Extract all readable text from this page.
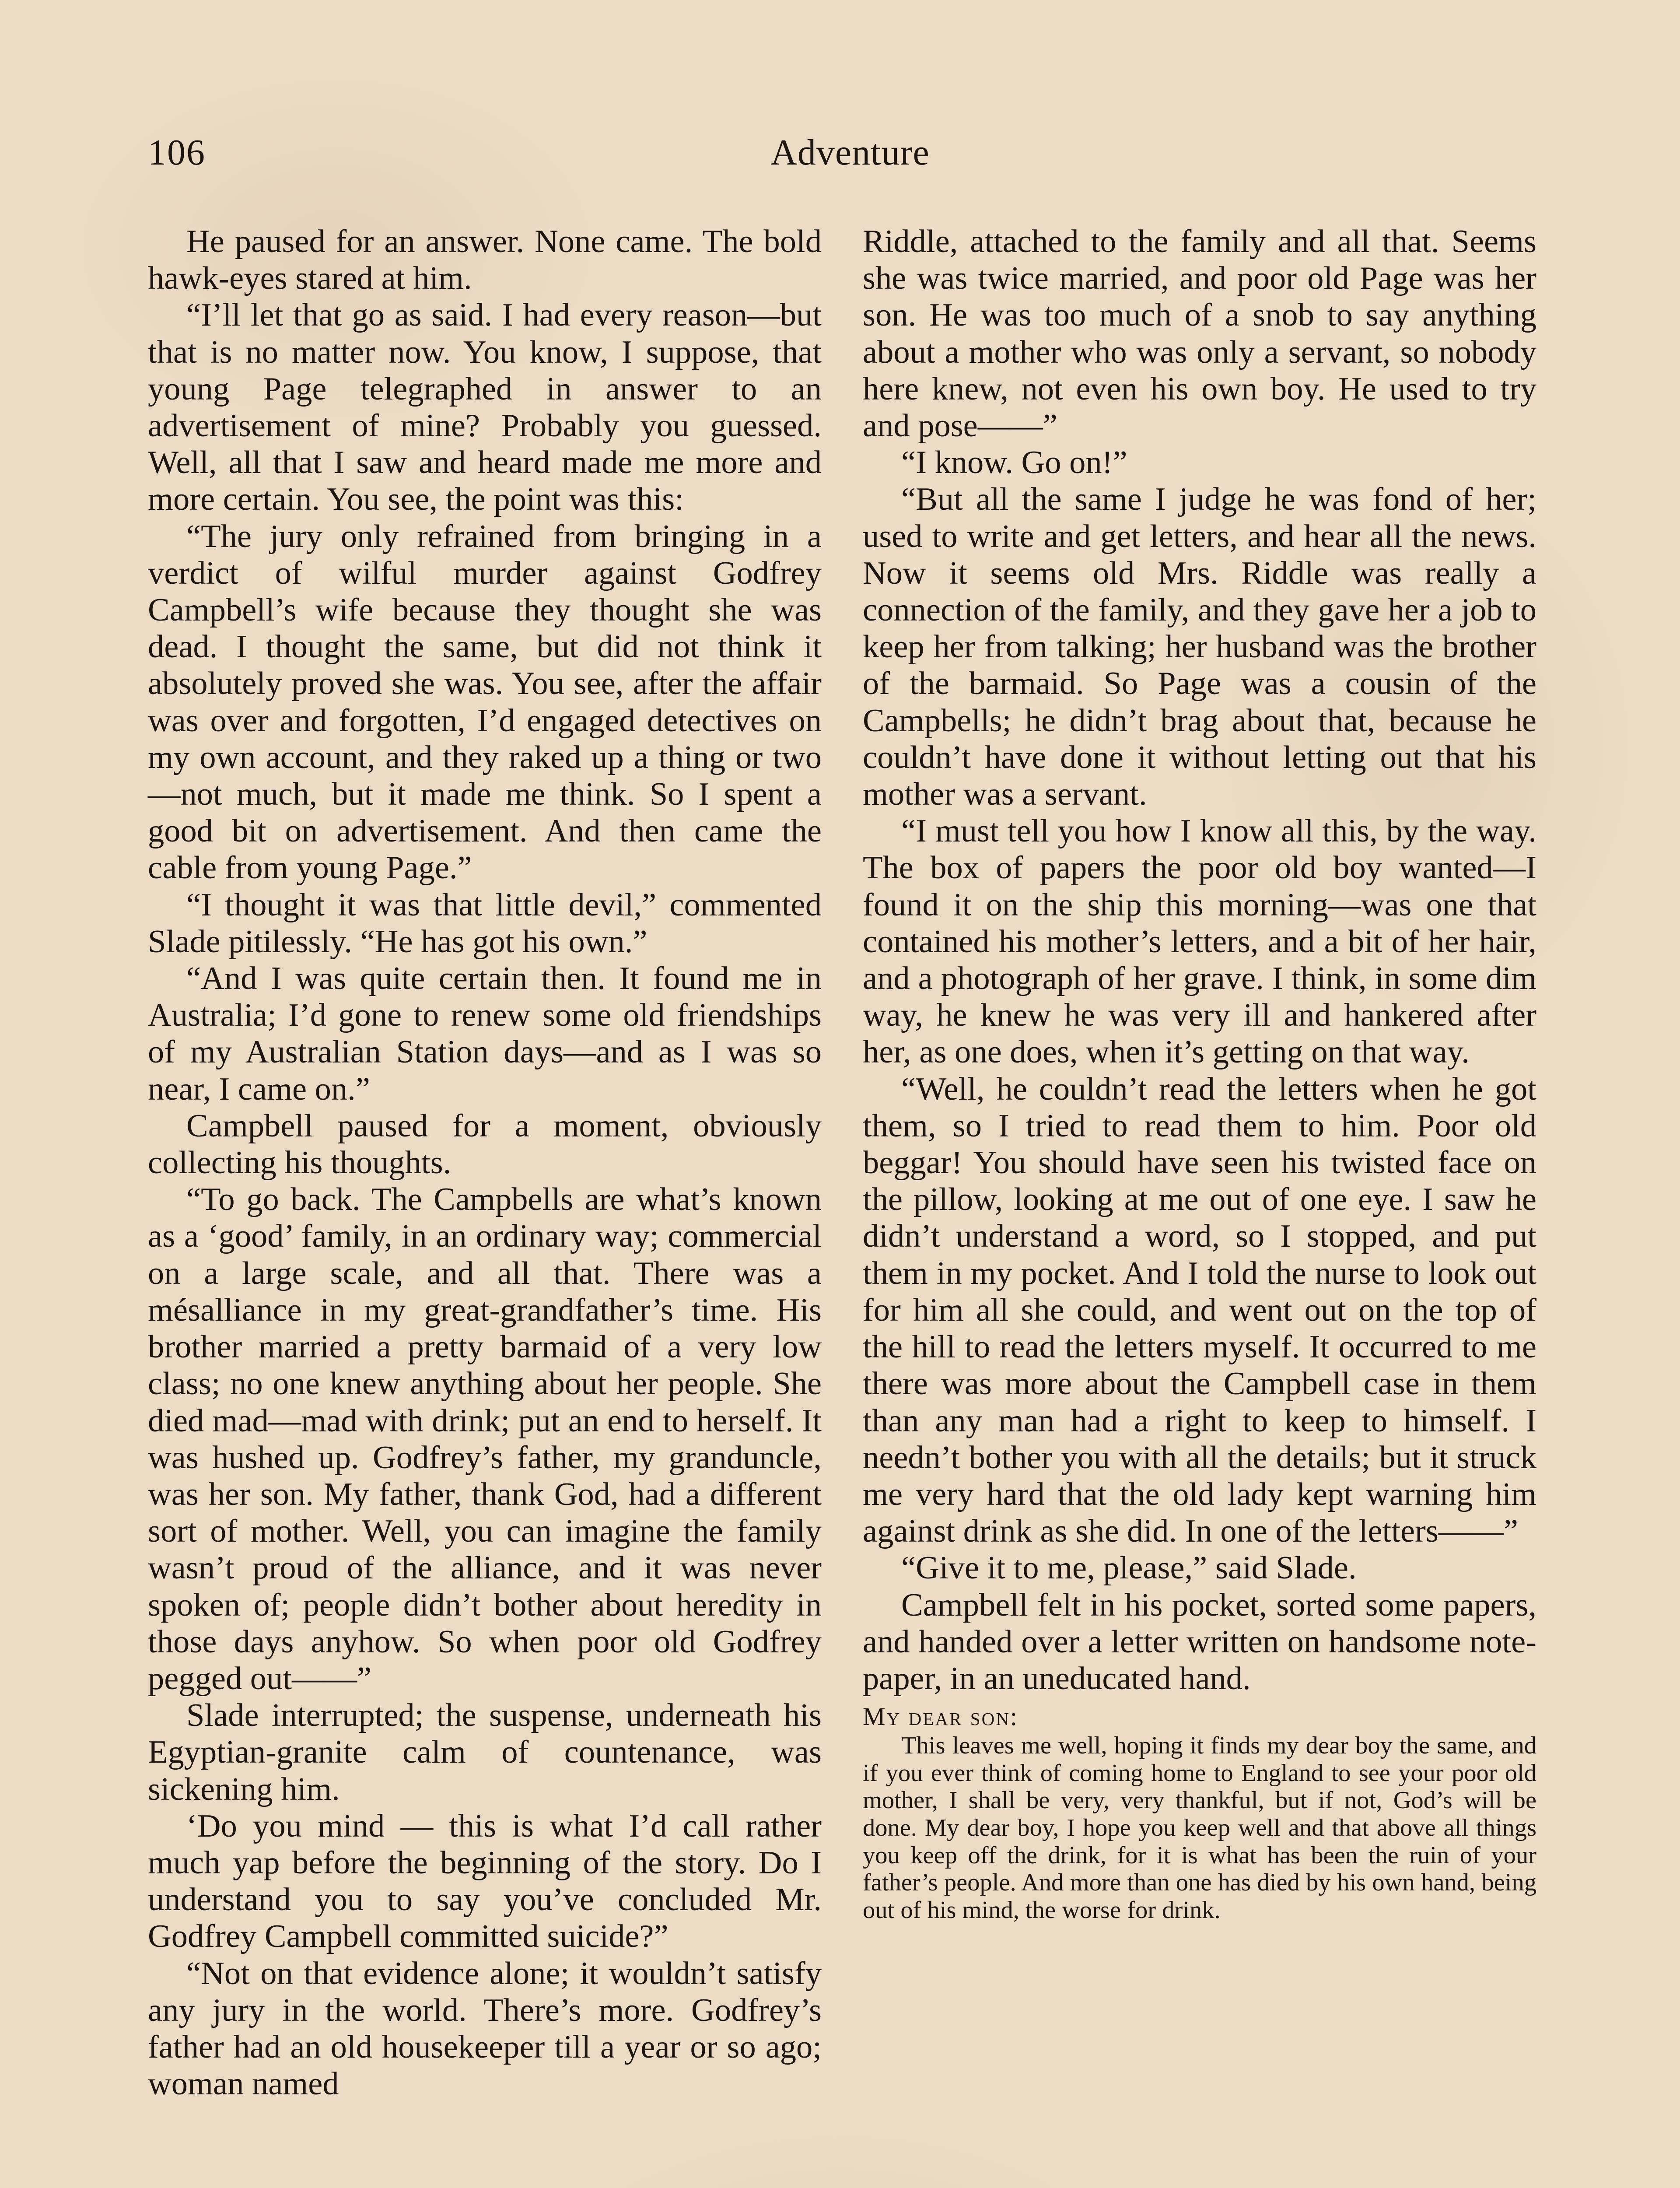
106	Adventure

He paused for an answer. None came. The bold hawk-eyes stared at him.

“I’ll let that go as said. I had every reason—but that is no matter now. You know, I suppose, that young Page telegraphed in answer to an advertisement of mine? Probably you guessed. Well, all that I saw and heard made me more and more certain. You see, the point was this:

“The jury only refrained from bringing in a verdict of wilful murder against Godfrey Campbell’s wife because they thought she was dead. I thought the same, but did not think it absolutely proved she was. You see, after the affair was over and forgotten, I’d engaged detectives on my own account, and they raked up a thing or two—not much, but it made me think. So I spent a good bit on advertisement. And then came the cable from young Page.”

“I thought it was that little devil,” commented Slade pitilessly. “He has got his own.”

“And I was quite certain then. It found me in Australia; I’d gone to renew some old friendships of my Australian Station days—and as I was so near, I came on.”

Campbell paused for a moment, obviously collecting his thoughts.

“To go back. The Campbells are what’s known as a ‘good’ family, in an ordinary way; commercial on a large scale, and all that. There was a mésalliance in my great-grandfather’s time. His brother married a pretty barmaid of a very low class; no one knew anything about her people. She died mad—mad with drink; put an end to herself. It was hushed up. Godfrey’s father, my granduncle, was her son. My father, thank God, had a different sort of mother. Well, you can imagine the family wasn’t proud of the alliance, and it was never spoken of; people didn’t bother about heredity in those days anyhow. So when poor old Godfrey pegged out——”

Slade interrupted; the suspense, underneath his Egyptian-granite calm of countenance, was sickening him.

‘Do you mind — this is what I’d call rather much yap before the beginning of the story. Do I understand you to say you’ve concluded Mr. Godfrey Campbell committed suicide?”

“Not on that evidence alone; it wouldn’t satisfy any jury in the world. There’s more. Godfrey’s father had an old housekeeper till a year or so ago; woman named

Riddle, attached to the family and all that. Seems she was twice married, and poor old Page was her son. He was too much of a snob to say anything about a mother who was only a servant, so nobody here knew, not even his own boy. He used to try and pose——”

“I know. Go on!”

“But all the same I judge he was fond of her; used to write and get letters, and hear all the news. Now it seems old Mrs. Riddle was really a connection of the family, and they gave her a job to keep her from talking; her husband was the brother of the barmaid. So Page was a cousin of the Campbells; he didn’t brag about that, because he couldn’t have done it without letting out that his mother was a servant.

“I must tell you how I know all this, by the way. The box of papers the poor old boy wanted—I found it on the ship this morning—was one that contained his mother’s letters, and a bit of her hair, and a photograph of her grave. I think, in some dim way, he knew he was very ill and hankered after her, as one does, when it’s getting on that way.

“Well, he couldn’t read the letters when he got them, so I tried to read them to him. Poor old beggar! You should have seen his twisted face on the pillow, looking at me out of one eye. I saw he didn’t understand a word, so I stopped, and put them in my pocket. And I told the nurse to look out for him all she could, and went out on the top of the hill to read the letters myself. It occurred to me there was more about the Campbell case in them than any man had a right to keep to himself. I needn’t bother you with all the details; but it struck me very hard that the old lady kept warning him against drink as she did. In one of the letters——”

“Give it to me, please,” said Slade.

Campbell felt in his pocket, sorted some papers, and handed over a letter written on handsome note-paper, in an uneducated hand.

My dear son:

This leaves me well, hoping it finds my dear boy the same, and if you ever think of coming home to England to see your poor old mother, I shall be very, very thankful, but if not, God’s will be done. My dear boy, I hope you keep well and that above all things you keep off the drink, for it is what has been the ruin of your father’s people. And more than one has died by his own hand, being out of his mind, the worse for drink.
